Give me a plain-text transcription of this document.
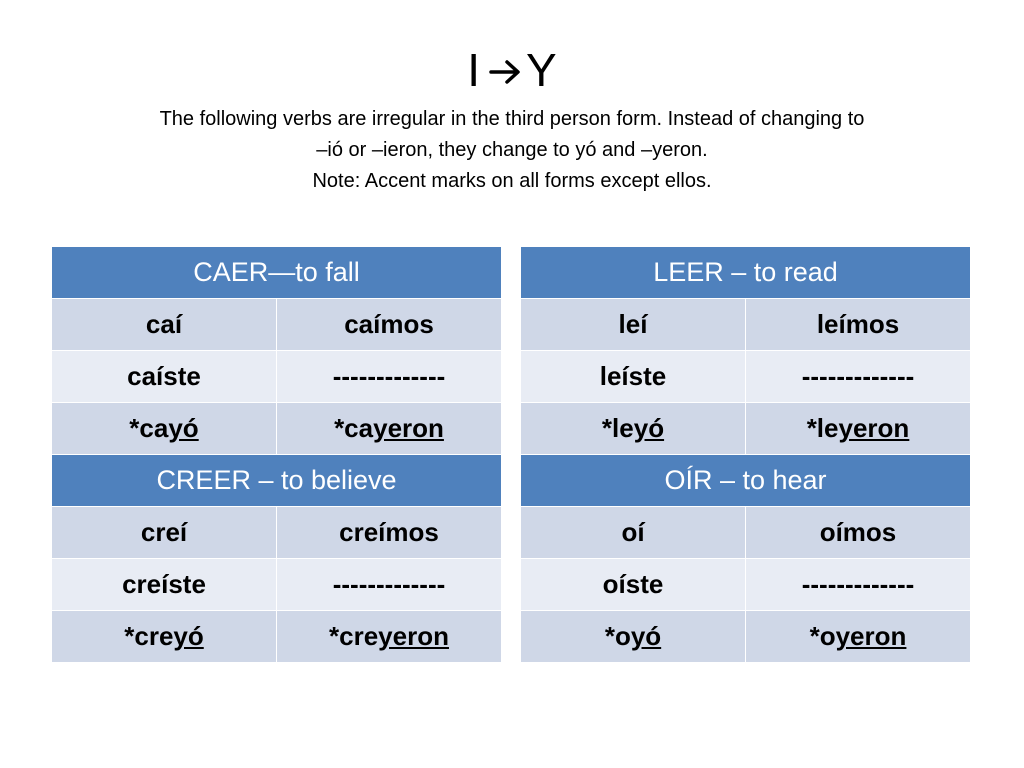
I Y
The following verbs are irregular in the third person form. Instead of changing to
–ió or –ieron, they change to yó and –yeron.
Note: Accent marks on all forms except ellos.
CAER—to fall	
caí	caímos
caíste	-------------
*cayó	*cayeron
CREER – to believe	
creí	creímos
creíste	-------------
*creyó	*creyeron
LEER – to read	
leí	leímos
leíste	-------------
*leyó	*leyeron
OÍR – to hear	
oí	oímos
oíste	-------------
*oyó	*oyeron
